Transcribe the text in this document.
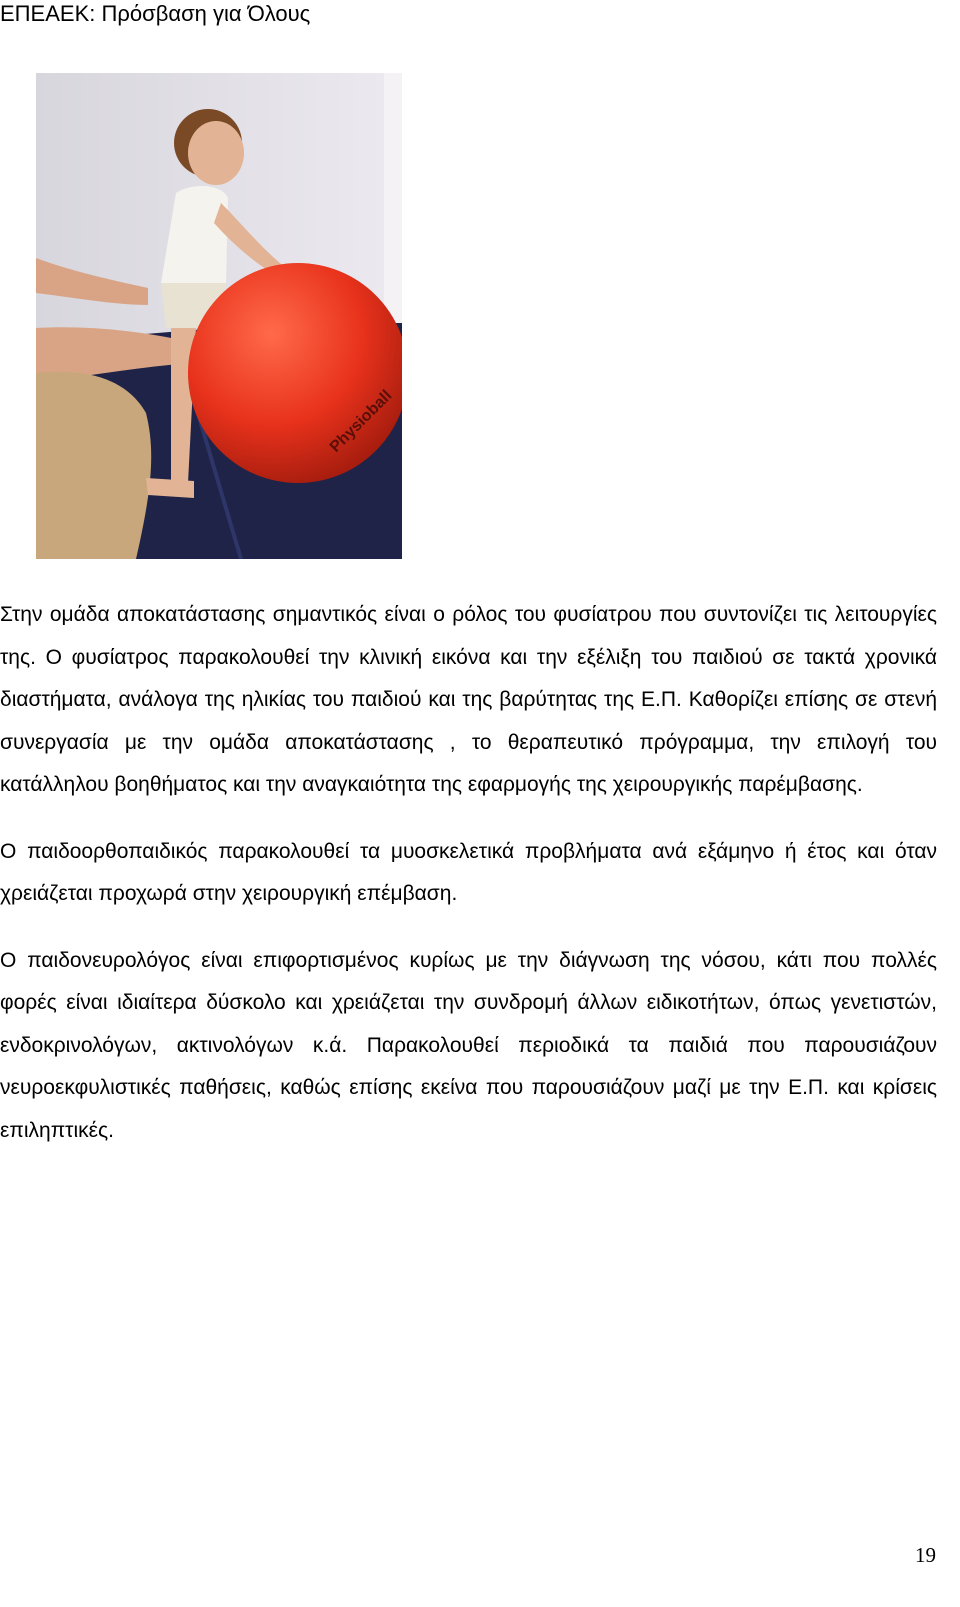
ΕΠΕΑΕΚ: Πρόσβαση για Όλους
Physioball

Στην ομάδα αποκατάστασης σημαντικός είναι ο ρόλος του φυσίατρου που συντονίζει τις λειτουργίες της. Ο φυσίατρος παρακολουθεί την κλινική εικόνα και την εξέλιξη του παιδιού σε τακτά χρονικά διαστήματα, ανάλογα της ηλικίας του παιδιού και της βαρύτητας της Ε.Π. Καθορίζει επίσης σε στενή συνεργασία με την ομάδα αποκατάστασης , το θεραπευτικό πρόγραμμα, την επιλογή του κατάλληλου βοηθήματος και την αναγκαιότητα της εφαρμογής της χειρουργικής παρέμβασης.

Ο παιδοορθοπαιδικός παρακολουθεί τα μυοσκελετικά προβλήματα ανά εξάμηνο ή έτος και όταν χρειάζεται προχωρά στην χειρουργική επέμβαση.

Ο παιδονευρολόγος είναι επιφορτισμένος κυρίως με την διάγνωση της νόσου, κάτι που πολλές φορές είναι ιδιαίτερα δύσκολο και χρειάζεται την συνδρομή άλλων ειδικοτήτων, όπως γενετιστών, ενδοκρινολόγων, ακτινολόγων κ.ά. Παρακολουθεί περιοδικά τα παιδιά που παρουσιάζουν νευροεκφυλιστικές παθήσεις, καθώς επίσης εκείνα που παρουσιάζουν μαζί με την Ε.Π. και κρίσεις επιληπτικές.

19
